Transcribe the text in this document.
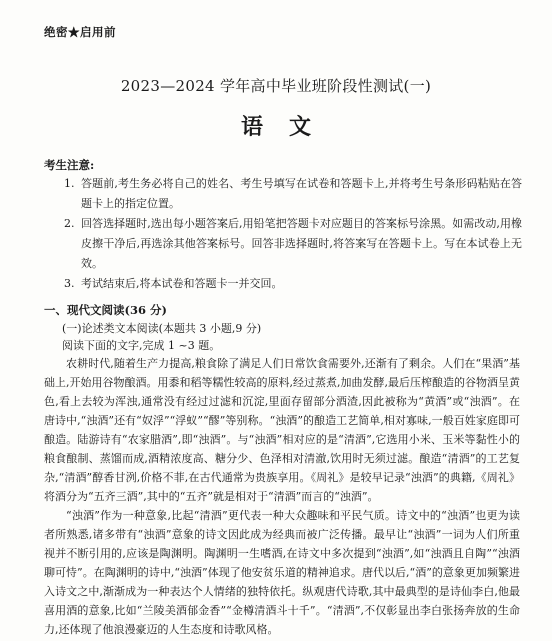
绝密★启用前
2023—2024 学年高中毕业班阶段性测试(一)
语文
考生注意:
1. 答题前,考生务必将自己的姓名、考生号填写在试卷和答题卡上,并将考生号条形码粘贴在答题卡上的指定位置。
2. 回答选择题时,选出每小题答案后,用铅笔把答题卡对应题目的答案标号涂黑。如需改动,用橡皮擦干净后,再选涂其他答案标号。回答非选择题时,将答案写在答题卡上。写在本试卷上无效。
3. 考试结束后,将本试卷和答题卡一并交回。
一、现代文阅读(36 分)
(一)论述类文本阅读(本题共 3 小题,9 分)
阅读下面的文字,完成 1 ~3 题。

农耕时代,随着生产力提高,粮食除了满足人们日常饮食需要外,还渐有了剩余。人们在“果酒”基础上,开始用谷物酿酒。用黍和稻等糯性较高的原料,经过蒸煮,加曲发酵,最后压榨酿造的谷物酒呈黄色,看上去较为浑浊,通常没有经过过滤和沉淀,里面存留部分酒渣,因此被称为“黄酒”或“浊酒”。在唐诗中,“浊酒”还有“奴浮”“浮蚁”“醪”等别称。“浊酒”的酿造工艺简单,相对寡味,一般百姓家庭即可酿造。陆游诗有“农家腊酒”,即“浊酒”。与“浊酒”相对应的是“清酒”,它选用小米、玉米等黏性小的粮食酿制、蒸馏而成,酒精浓度高、糖分少、色泽相对清澈,饮用时无须过滤。酿造“清酒”的工艺复杂,“清酒”醇香甘洌,价格不菲,在古代通常为贵族享用。《周礼》是较早记录“浊酒”的典籍,《周礼》将酒分为“五齐三酒”,其中的“五齐”就是相对于“清酒”而言的“浊酒”。

“浊酒”作为一种意象,比起“清酒”更代表一种大众趣味和平民气质。诗文中的“浊酒”也更为读者所熟悉,诸多带有“浊酒”意象的诗文因此成为经典而被广泛传播。最早让“浊酒”一词为人们所重视并不断引用的,应该是陶渊明。陶渊明一生嗜酒,在诗文中多次提到“浊酒”,如“浊酒且自陶”“浊酒聊可恃”。在陶渊明的诗中,“浊酒”体现了他安贫乐道的精神追求。唐代以后,“酒”的意象更加频繁进入诗文之中,渐渐成为一种表达个人情绪的独特依托。纵观唐代诗歌,其中最典型的是诗仙李白,他最喜用酒的意象,比如“兰陵美酒郁金香”“金樽清酒斗十千”。“清酒”,不仅彰显出李白张扬奔放的生命力,还体现了他浪漫豪迈的人生态度和诗歌风格。
